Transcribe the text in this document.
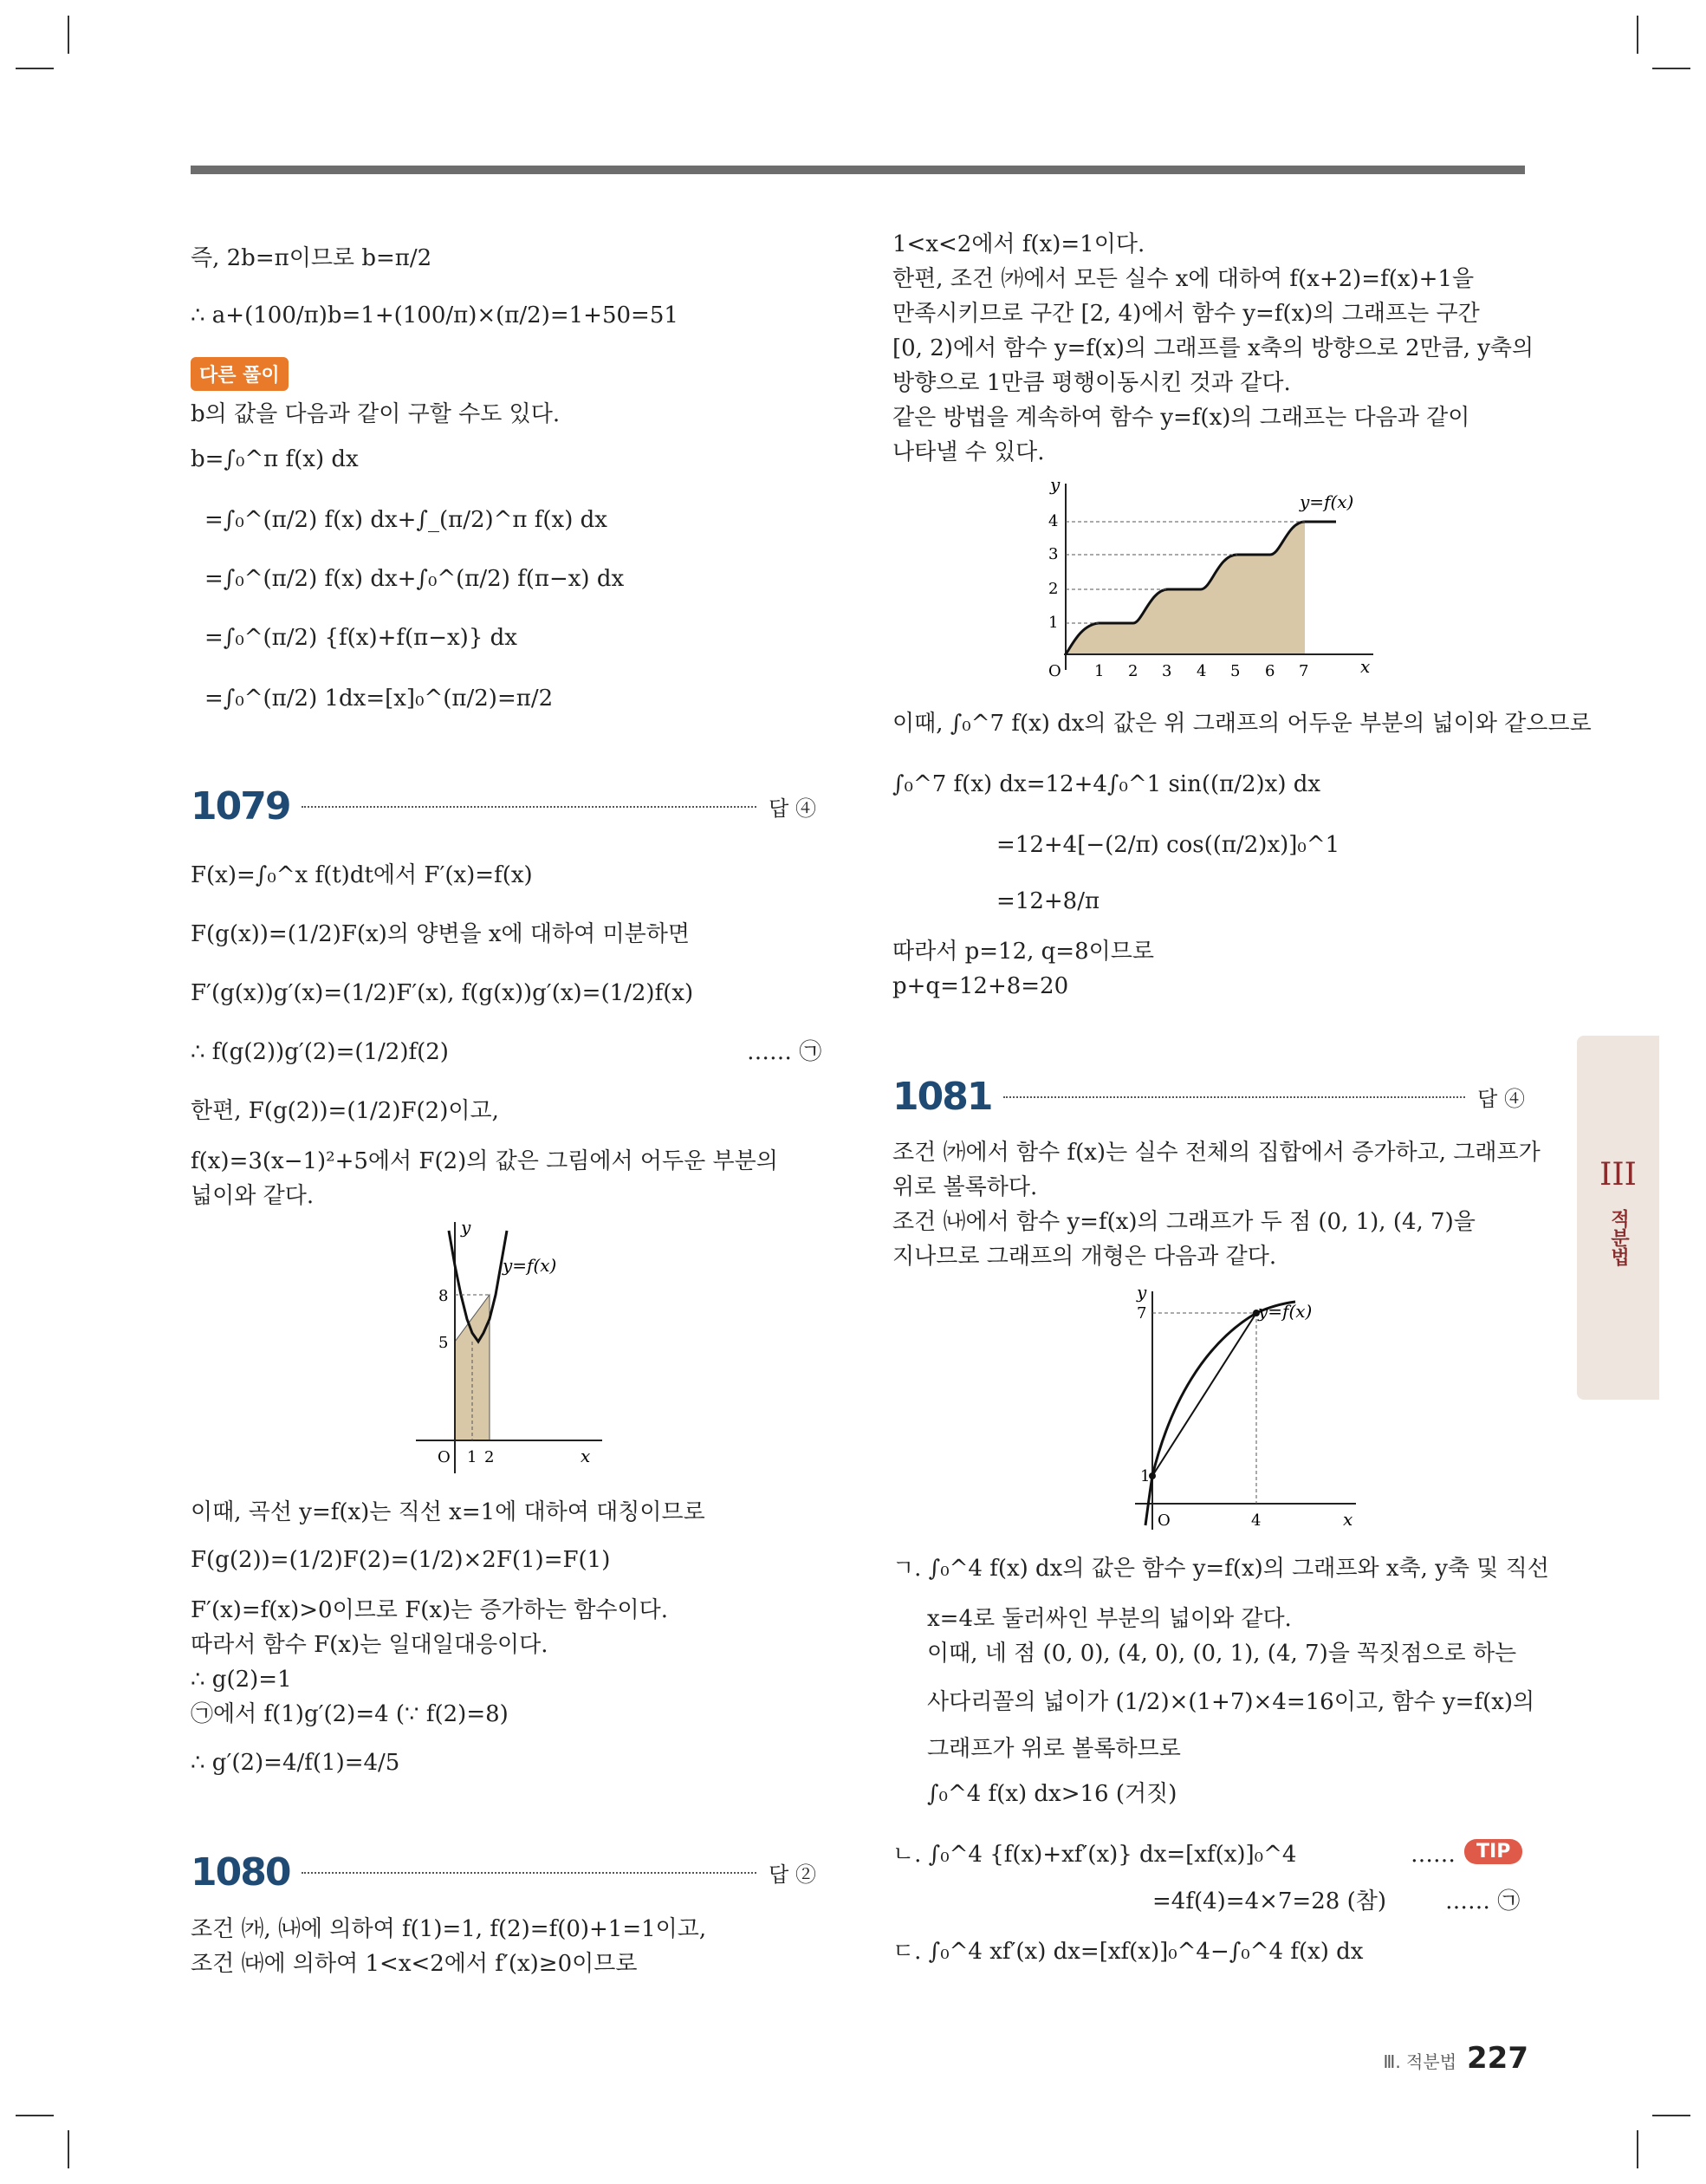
즉, 2b=π이므로 b=π/2
∴ a+(100/π)b=1+(100/π)×(π/2)=1+50=51
다른 풀이
b의 값을 다음과 같이 구할 수도 있다.
b=∫₀^π f(x) dx
=∫₀^(π/2) f(x) dx+∫_(π/2)^π f(x) dx
=∫₀^(π/2) f(x) dx+∫₀^(π/2) f(π−x) dx
=∫₀^(π/2) {f(x)+f(π−x)} dx
=∫₀^(π/2) 1dx=[x]₀^(π/2)=π/2
1079	답 ④
F(x)=∫₀^x f(t)dt에서 F′(x)=f(x)
F(g(x))=(1/2)F(x)의 양변을 x에 대하여 미분하면
F′(g(x))g′(x)=(1/2)F′(x), f(g(x))g′(x)=(1/2)f(x)
∴ f(g(2))g′(2)=(1/2)f(2)	…… ㉠
한편, F(g(2))=(1/2)F(2)이고,
f(x)=3(x−1)²+5에서 F(2)의 값은 그림에서 어두운 부분의
넓이와 같다.
y
x
y=f(x)
8
5
O 1 2
이때, 곡선 y=f(x)는 직선 x=1에 대하여 대칭이므로
F(g(2))=(1/2)F(2)=(1/2)×2F(1)=F(1)
F′(x)=f(x)>0이므로 F(x)는 증가하는 함수이다.
따라서 함수 F(x)는 일대일대응이다.
∴ g(2)=1
㉠에서 f(1)g′(2)=4 (∵ f(2)=8)
∴ g′(2)=4/f(1)=4/5
1080	답 ②
조건 ㈎, ㈏에 의하여 f(1)=1, f(2)=f(0)+1=1이고,
조건 ㈐에 의하여 1<x<2에서 f′(x)≥0이므로
1<x<2에서 f(x)=1이다.
한편, 조건 ㈎에서 모든 실수 x에 대하여 f(x+2)=f(x)+1을
만족시키므로 구간 [2, 4)에서 함수 y=f(x)의 그래프는 구간
[0, 2)에서 함수 y=f(x)의 그래프를 x축의 방향으로 2만큼, y축의
방향으로 1만큼 평행이동시킨 것과 같다.
같은 방법을 계속하여 함수 y=f(x)의 그래프는 다음과 같이
나타낼 수 있다.
y
x
y=f(x)
1
2
3
4
O 1 2 3 4 5 6 7
이때, ∫₀^7 f(x) dx의 값은 위 그래프의 어두운 부분의 넓이와 같으므로
∫₀^7 f(x) dx=12+4∫₀^1 sin((π/2)x) dx
=12+4[−(2/π) cos((π/2)x)]₀^1
=12+8/π
따라서 p=12, q=8이므로
p+q=12+8=20
1081	답 ④
조건 ㈎에서 함수 f(x)는 실수 전체의 집합에서 증가하고, 그래프가
위로 볼록하다.
조건 ㈏에서 함수 y=f(x)의 그래프가 두 점 (0, 1), (4, 7)을
지나므로 그래프의 개형은 다음과 같다.
y
x
y=f(x)
7
1
O	4
ㄱ. ∫₀^4 f(x) dx의 값은 함수 y=f(x)의 그래프와 x축, y축 및 직선
x=4로 둘러싸인 부분의 넓이와 같다.
이때, 네 점 (0, 0), (4, 0), (0, 1), (4, 7)을 꼭짓점으로 하는
사다리꼴의 넓이가 (1/2)×(1+7)×4=16이고, 함수 y=f(x)의
그래프가 위로 볼록하므로
∫₀^4 f(x) dx>16 (거짓)
ㄴ. ∫₀^4 {f(x)+xf′(x)} dx=[xf(x)]₀^4	……	TIP
=4f(4)=4×7=28 (참)	…… ㉠
ㄷ. ∫₀^4 xf′(x) dx=[xf(x)]₀^4−∫₀^4 f(x) dx
III
적분법
Ⅲ. 적분법 227
